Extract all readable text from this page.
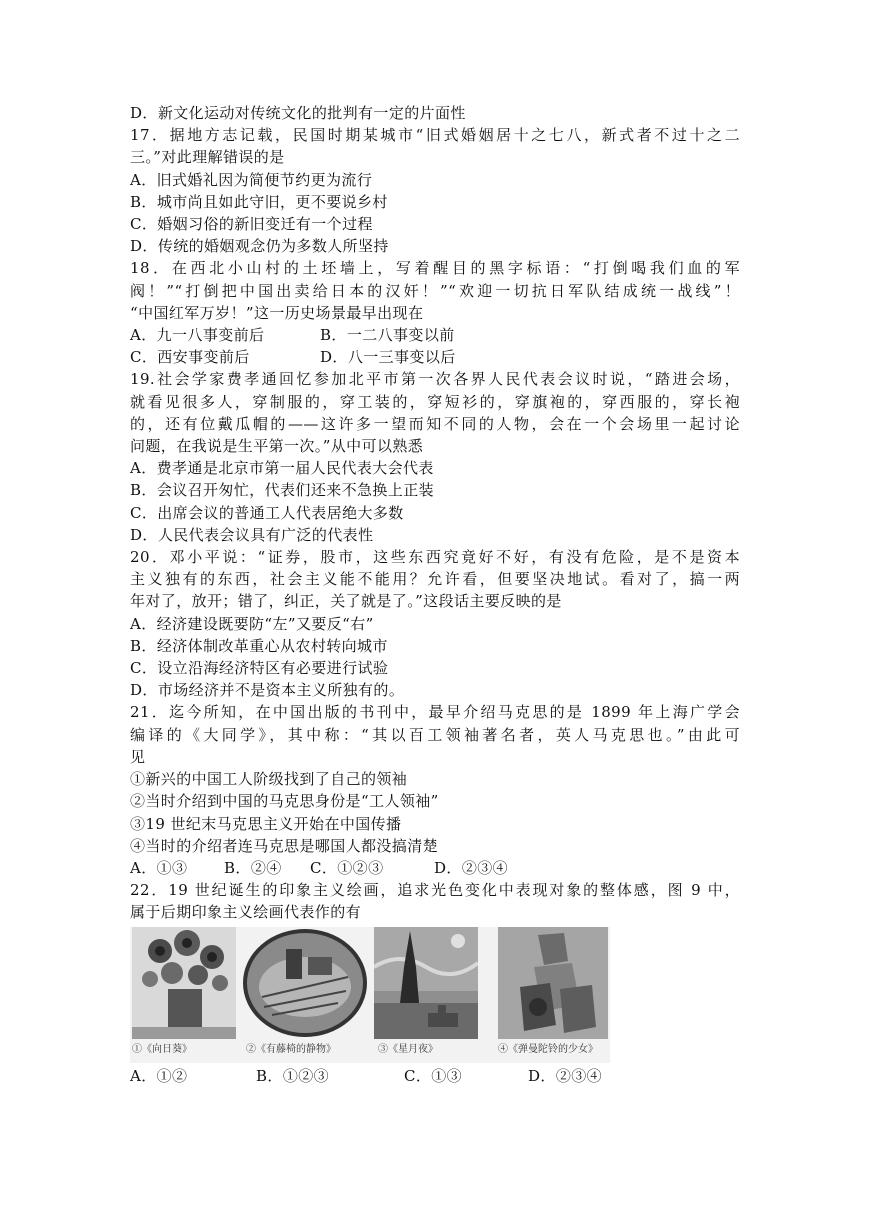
D．新文化运动对传统文化的批判有一定的片面性
17．据地方志记载，民国时期某城市“旧式婚姻居十之七八，新式者不过十之二
三。”对此理解错误的是
A．旧式婚礼因为简便节约更为流行
B．城市尚且如此守旧，更不要说乡村
C．婚姻习俗的新旧变迁有一个过程
D．传统的婚姻观念仍为多数人所坚持
18．在西北小山村的土坯墙上，写着醒目的黑字标语：“打倒喝我们血的军
阀！”“打倒把中国出卖给日本的汉奸！”“欢迎一切抗日军队结成统一战线”！
“中国红军万岁！”这一历史场景最早出现在
A．九一八事变前后	B．一二八事变以前
C．西安事变前后	D．八一三事变以后
19.社会学家费孝通回忆参加北平市第一次各界人民代表会议时说，“踏进会场，
就看见很多人，穿制服的，穿工装的，穿短衫的，穿旗袍的，穿西服的，穿长袍
的，还有位戴瓜帽的——这许多一望而知不同的人物，会在一个会场里一起讨论
问题，在我说是生平第一次。”从中可以熟悉
A．费孝通是北京市第一届人民代表大会代表
B．会议召开匆忙，代表们还来不急换上正装
C．出席会议的普通工人代表居绝大多数
D．人民代表会议具有广泛的代表性
20．邓小平说：“证券，股市，这些东西究竟好不好，有没有危险，是不是资本
主义独有的东西，社会主义能不能用？允许看，但要坚决地试。看对了，搞一两
年对了，放开；错了，纠正，关了就是了。”这段话主要反映的是
A．经济建设既要防“左”又要反“右”
B．经济体制改革重心从农村转向城市
C．设立沿海经济特区有必要进行试验
D．市场经济并不是资本主义所独有的。
21．迄今所知，在中国出版的书刊中，最早介绍马克思的是 1899 年上海广学会
编译的《大同学》，其中称：“其以百工领袖著名者，英人马克思也。”由此可
见
①新兴的中国工人阶级找到了自己的领袖
②当时介绍到中国的马克思身份是“工人领袖”
③19 世纪末马克思主义开始在中国传播
④当时的介绍者连马克思是哪国人都没搞清楚
A．①③ B．②④ C．①②③	D．②③④
22．19 世纪诞生的印象主义绘画，追求光色变化中表现对象的整体感，图 9 中，
属于后期印象主义绘画代表作的有
①《向日葵》	②《有藤椅的静物》	③《星月夜》	④《弹曼陀铃的少女》
A．①②	B．①②③	C．①③	D．②③④
